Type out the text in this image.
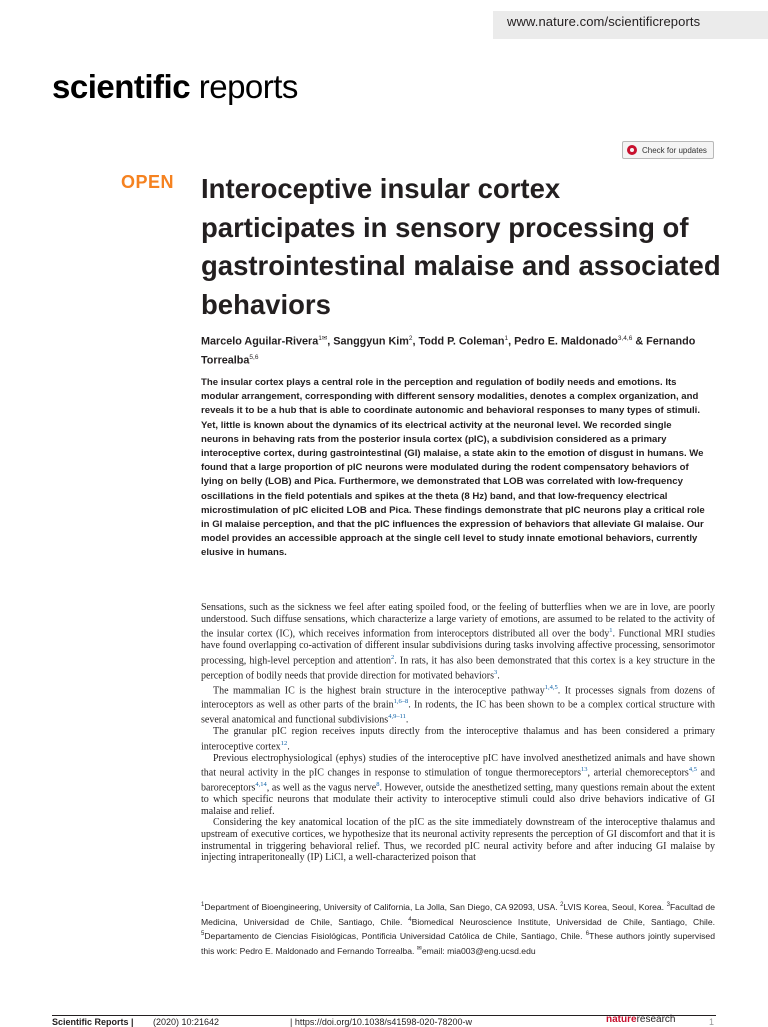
www.nature.com/scientificreports
scientific reports
Check for updates
OPEN Interoceptive insular cortex participates in sensory processing of gastrointestinal malaise and associated behaviors
Marcelo Aguilar-Rivera$^{1✉}$, Sanggyun Kim$^2$, Todd P. Coleman$^1$, Pedro E. Maldonado$^{3,4,6}$ & Fernando Torrealba$^{5,6}$

The insular cortex plays a central role in the perception and regulation of bodily needs and emotions. Its modular arrangement, corresponding with different sensory modalities, denotes a complex organization, and reveals it to be a hub that is able to coordinate autonomic and behavioral responses to many types of stimuli. Yet, little is known about the dynamics of its electrical activity at the neuronal level. We recorded single neurons in behaving rats from the posterior insula cortex (pIC), a subdivision considered as a primary interoceptive cortex, during gastrointestinal (GI) malaise, a state akin to the emotion of disgust in humans. We found that a large proportion of pIC neurons were modulated during the rodent compensatory behaviors of lying on belly (LOB) and Pica. Furthermore, we demonstrated that LOB was correlated with low-frequency oscillations in the field potentials and spikes at the theta (8 Hz) band, and that low-frequency electrical microstimulation of pIC elicited LOB and Pica. These findings demonstrate that pIC neurons play a critical role in GI malaise perception, and that the pIC influences the expression of behaviors that alleviate GI malaise. Our model provides an accessible approach at the single cell level to study innate emotional behaviors, currently elusive in humans.

Sensations, such as the sickness we feel after eating spoiled food, or the feeling of butterflies when we are in love, are poorly understood. Such diffuse sensations, which characterize a large variety of emotions, are assumed to be related to the activity of the insular cortex (IC), which receives information from interoceptors distributed all over the body$^1$. Functional MRI studies have found overlapping co-activation of different insular subdivisions during tasks involving affective processing, sensorimotor processing, high-level perception and attention$^2$. In rats, it has also been demonstrated that this cortex is a key structure in the perception of bodily needs that provide direction for motivated behaviors$^3$.

The mammalian IC is the highest brain structure in the interoceptive pathway$^{1,4,5}$. It processes signals from dozens of interoceptors as well as other parts of the brain$^{1,6-8}$. In rodents, the IC has been shown to be a complex cortical structure with several anatomical and functional subdivisions$^{4,9-11}$.

The granular pIC region receives inputs directly from the interoceptive thalamus and has been considered a primary interoceptive cortex$^{12}$.

Previous electrophysiological (ephys) studies of the interoceptive pIC have involved anesthetized animals and have shown that neural activity in the pIC changes in response to stimulation of tongue thermoreceptors$^{13}$, arterial chemoreceptors$^{4,5}$ and baroreceptors$^{4,14}$, as well as the vagus nerve$^8$. However, outside the anesthetized setting, many questions remain about the extent to which specific neurons that modulate their activity to interoceptive stimuli could also drive behaviors indicative of GI malaise and relief.

Considering the key anatomical location of the pIC as the site immediately downstream of the interoceptive thalamus and upstream of executive cortices, we hypothesize that its neuronal activity represents the perception of GI discomfort and that it is instrumental in triggering behavioral relief. Thus, we recorded pIC neural activity before and after inducing GI malaise by injecting intraperitoneally (IP) LiCl, a well-characterized poison that

$^1$Department of Bioengineering, University of California, La Jolla, San Diego, CA 92093, USA. $^2$LVIS Korea, Seoul, Korea. $^3$Facultad de Medicina, Universidad de Chile, Santiago, Chile. $^4$Biomedical Neuroscience Institute, Universidad de Chile, Santiago, Chile. $^5$Departamento de Ciencias Fisiológicas, Pontificia Universidad Católica de Chile, Santiago, Chile. $^6$These authors jointly supervised this work: Pedro E. Maldonado and Fernando Torrealba. ✉email: mia003@eng.ucsd.edu

Scientific Reports | (2020) 10:21642	| https://doi.org/10.1038/s41598-020-78200-w	natureresearch	1
